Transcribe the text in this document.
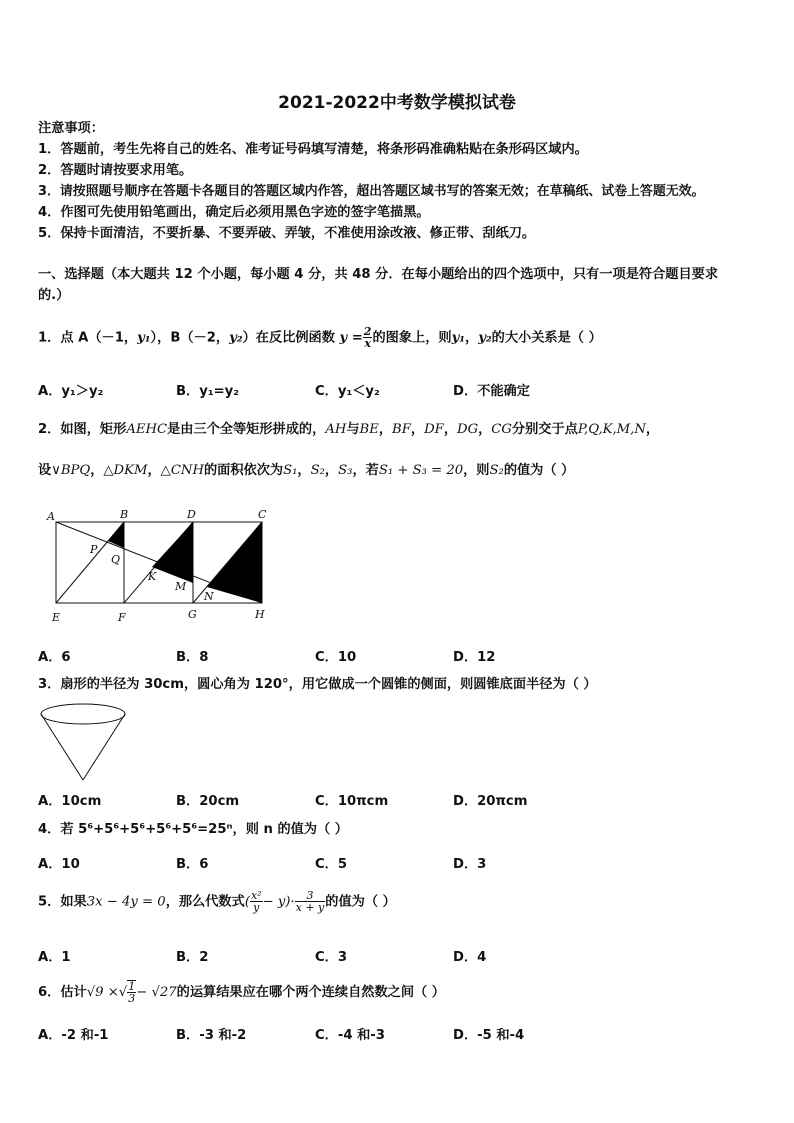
2021-2022中考数学模拟试卷
注意事项：
1．答题前，考生先将自己的姓名、准考证号码填写清楚，将条形码准确粘贴在条形码区域内。
2．答题时请按要求用笔。
3．请按照题号顺序在答题卡各题目的答题区域内作答，超出答题区域书写的答案无效；在草稿纸、试卷上答题无效。
4．作图可先使用铅笔画出，确定后必须用黑色字迹的签字笔描黑。
5．保持卡面清洁，不要折暴、不要弄破、弄皱，不准使用涂改液、修正带、刮纸刀。
一、选择题（本大题共 12 个小题，每小题 4 分，共 48 分．在每小题给出的四个选项中，只有一项是符合题目要求
的.）
1．点 A（－1，y₁），B（－2，y₂）在反比例函数 $y = \frac{2}{x}$ 的图象上，则y₁，y₂的大小关系是（ ）
A．y₁＞y₂	B．y₁=y₂	C．y₁＜y₂	D．不能确定
2．如图，矩形AEHC是由三个全等矩形拼成的，AH与BE，BF，DF，DG，CG分别交于点P,Q,K,M,N，
设∨BPQ，△DKM，△CNH的面积依次为S₁，S₂，S₃，若S₁ + S₃ = 20，则S₂的值为（ ）
A	B	D	C
P
Q
K
M
N
E	F	G	H
A．6	B．8	C．10	D．12
3．扇形的半径为 30cm，圆心角为 120°，用它做成一个圆锥的侧面，则圆锥底面半径为（ ）
A．10cm	B．20cm	C．10πcm	D．20πcm
4．若 5⁶+5⁶+5⁶+5⁶+5⁶=25ⁿ，则 n 的值为（ ）
A．10	B．6	C．5	D．3
5．如果3x − 4y = 0，那么代数式( $\frac{\text{x²}}{y} - y)\cdot \frac{3}{x + y}$ 的值为（ ）
A．1	B．2	C．3	D．4
6．估计√9 ×√ $\frac{1}{3} - √27$的运算结果应在哪个两个连续自然数之间（ ）
A．-2 和-1	B．-3 和-2	C．-4 和-3	D．-5 和-4
